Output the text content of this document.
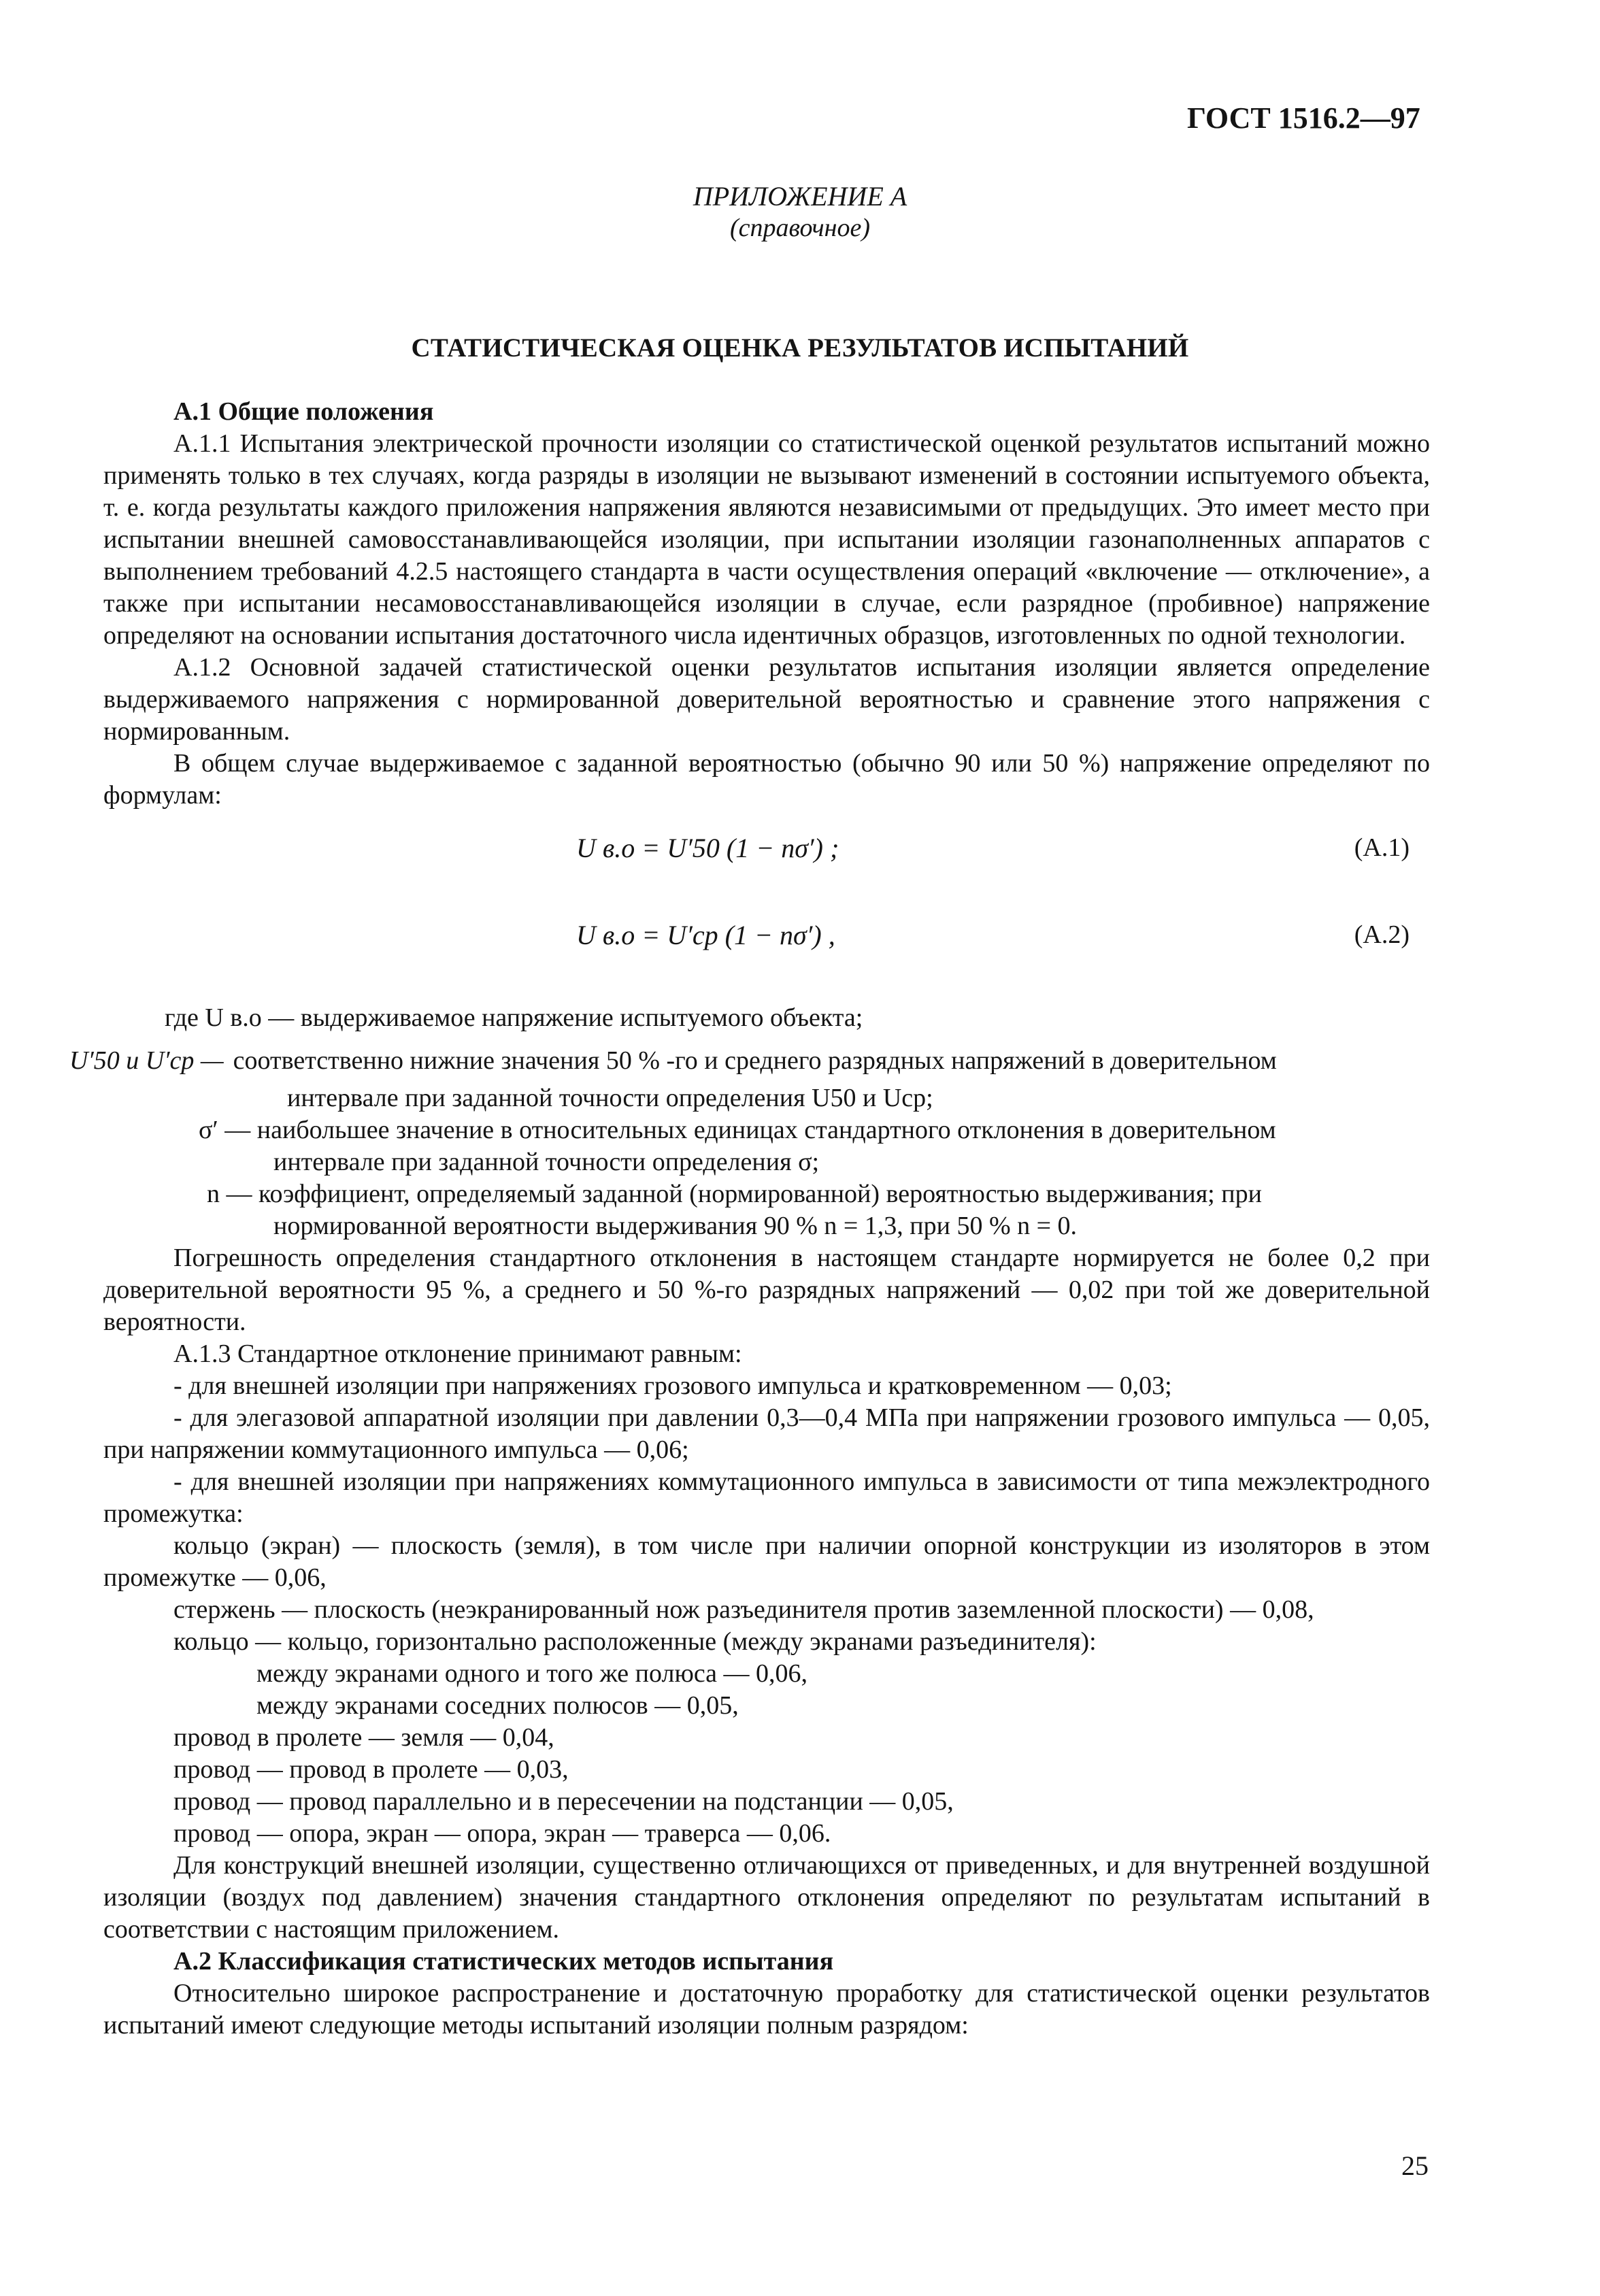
ГОСТ 1516.2—97
ПРИЛОЖЕНИЕ А
(справочное)
СТАТИСТИЧЕСКАЯ ОЦЕНКА РЕЗУЛЬТАТОВ ИСПЫТАНИЙ

А.1 Общие положения

А.1.1 Испытания электрической прочности изоляции со статистической оценкой результатов испытаний можно применять только в тех случаях, когда разряды в изоляции не вызывают изменений в состоянии испытуемого объекта, т. е. когда результаты каждого приложения напряжения являются независимыми от предыдущих. Это имеет место при испытании внешней самовосстанавливающейся изоляции, при испытании изоляции газонаполненных аппаратов с выполнением требований 4.2.5 настоящего стандарта в части осуществления операций «включение — отключение», а также при испытании несамовосстанавливающейся изоляции в случае, если разрядное (пробивное) напряжение определяют на основании испытания достаточного числа идентичных образцов, изготовленных по одной технологии.

А.1.2 Основной задачей статистической оценки результатов испытания изоляции является определение выдерживаемого напряжения с нормированной доверительной вероятностью и сравнение этого напряжения с нормированным.

В общем случае выдерживаемое с заданной вероятностью (обычно 90 или 50 %) напряжение определяют по формулам:

U в.о = U′50 (1 − nσ′) ;	(А.1)
U в.о = U′ср (1 − nσ′) ,	(А.2)

где U в.о — выдерживаемое напряжение испытуемого объекта;

U′50 и U′ср — соответственно нижние значения 50 % -го и среднего разрядных напряжений в доверительном

интервале при заданной точности определения U50 и Uср;

σ′ — наибольшее значение в относительных единицах стандартного отклонения в доверительном

интервале при заданной точности определения σ;

n — коэффициент, определяемый заданной (нормированной) вероятностью выдерживания; при

нормированной вероятности выдерживания 90 % n = 1,3, при 50 % n = 0.

Погрешность определения стандартного отклонения в настоящем стандарте нормируется не более 0,2 при доверительной вероятности 95 %, а среднего и 50 %-го разрядных напряжений — 0,02 при той же доверительной вероятности.

А.1.3 Стандартное отклонение принимают равным:

- для внешней изоляции при напряжениях грозового импульса и кратковременном — 0,03;

- для элегазовой аппаратной изоляции при давлении 0,3—0,4 МПа при напряжении грозового импульса — 0,05, при напряжении коммутационного импульса — 0,06;

- для внешней изоляции при напряжениях коммутационного импульса в зависимости от типа межэлектродного промежутка:

кольцо (экран) — плоскость (земля), в том числе при наличии опорной конструкции из изоляторов в этом промежутке — 0,06,

стержень — плоскость (неэкранированный нож разъединителя против заземленной плоскости) — 0,08,

кольцо — кольцо, горизонтально расположенные (между экранами разъединителя):

между экранами одного и того же полюса — 0,06,

между экранами соседних полюсов — 0,05,

провод в пролете — земля — 0,04,

провод — провод в пролете — 0,03,

провод — провод параллельно и в пересечении на подстанции — 0,05,

провод — опора, экран — опора, экран — траверса — 0,06.

Для конструкций внешней изоляции, существенно отличающихся от приведенных, и для внутренней воздушной изоляции (воздух под давлением) значения стандартного отклонения определяют по результатам испытаний в соответствии с настоящим приложением.

А.2 Классификация статистических методов испытания

Относительно широкое распространение и достаточную проработку для статистической оценки результатов испытаний имеют следующие методы испытаний изоляции полным разрядом:

25
